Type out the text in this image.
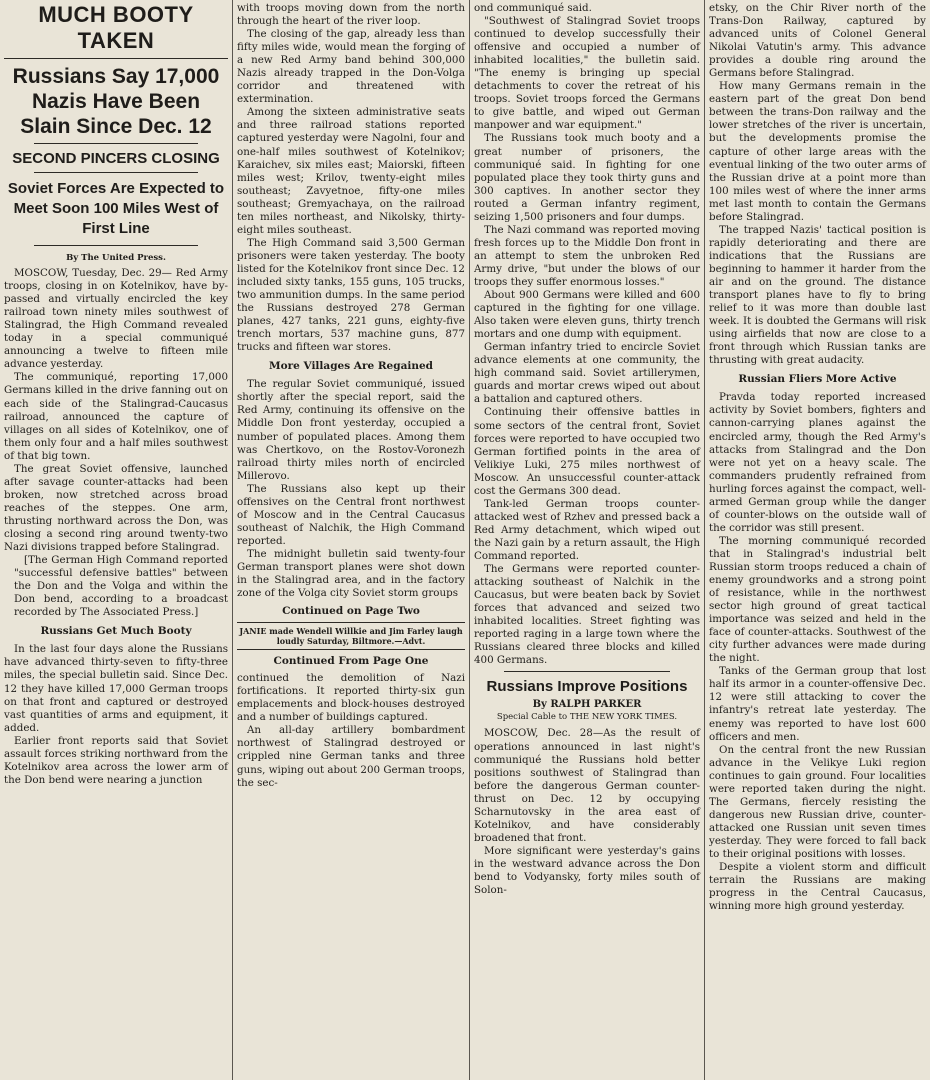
MUCH BOOTY TAKEN
Russians Say 17,000 Nazis Have Been Slain Since Dec. 12
SECOND PINCERS CLOSING
Soviet Forces Are Expected to Meet Soon 100 Miles West of First Line
By The United Press.

MOSCOW, Tuesday, Dec. 29— Red Army troops, closing in on Kotelnikov, have by-passed and virtually encircled the key railroad town ninety miles southwest of Stalingrad, the High Command revealed today in a special communiqué announcing a twelve to fifteen mile advance yesterday.

The communiqué, reporting 17,000 Germans killed in the drive fanning out on each side of the Stalingrad-Caucasus railroad, announced the capture of villages on all sides of Kotelnikov, one of them only four and a half miles southwest of that big town.

The great Soviet offensive, launched after savage counter-attacks had been broken, now stretched across broad reaches of the steppes. One arm, thrusting northward across the Don, was closing a second ring around twenty-two Nazi divisions trapped before Stalingrad.

[The German High Command reported "successful defensive battles" between the Don and the Volga and within the Don bend, according to a broadcast recorded by The Associated Press.]

Russians Get Much Booty

In the last four days alone the Russians have advanced thirty-seven to fifty-three miles, the special bulletin said. Since Dec. 12 they have killed 17,000 German troops on that front and captured or destroyed vast quantities of arms and equipment, it added.

Earlier front reports said that Soviet assault forces striking northward from the Kotelnikov area across the lower arm of the Don bend were nearing a junction

with troops moving down from the north through the heart of the river loop.

The closing of the gap, already less than fifty miles wide, would mean the forging of a new Red Army band behind 300,000 Nazis already trapped in the Don-Volga corridor and threatened with extermination.

Among the sixteen administrative seats and three railroad stations reported captured yesterday were Nagolni, four and one-half miles southwest of Kotelnikov; Karaichev, six miles east; Maiorski, fifteen miles west; Krilov, twenty-eight miles southeast; Zavyetnoe, fifty-one miles southeast; Gremyachaya, on the railroad ten miles northeast, and Nikolsky, thirty-eight miles southeast.

The High Command said 3,500 German prisoners were taken yesterday. The booty listed for the Kotelnikov front since Dec. 12 included sixty tanks, 155 guns, 105 trucks, two ammunition dumps. In the same period the Russians destroyed 278 German planes, 427 tanks, 221 guns, eighty-five trench mortars, 537 machine guns, 877 trucks and fifteen war stores.

More Villages Are Regained

The regular Soviet communiqué, issued shortly after the special report, said the Red Army, continuing its offensive on the Middle Don front yesterday, occupied a number of populated places. Among them was Chertkovo, on the Rostov-Voronezh railroad thirty miles north of encircled Millerovo.

The Russians also kept up their offensives on the Central front northwest of Moscow and in the Central Caucasus southeast of Nalchik, the High Command reported.

The midnight bulletin said twenty-four German transport planes were shot down in the Stalingrad area, and in the factory zone of the Volga city Soviet storm groups

Continued on Page Two
JANIE made Wendell Willkie and Jim Farley laugh loudly Saturday, Biltmore.—Advt.
Continued From Page One

continued the demolition of Nazi fortifications. It reported thirty-six gun emplacements and block-houses destroyed and a number of buildings captured.

An all-day artillery bombardment northwest of Stalingrad destroyed or crippled nine German tanks and three guns, wiping out about 200 German troops, the sec-

ond communiqué said.

"Southwest of Stalingrad Soviet troops continued to develop successfully their offensive and occupied a number of inhabited localities," the bulletin said. "The enemy is bringing up special detachments to cover the retreat of his troops. Soviet troops forced the Germans to give battle, and wiped out German manpower and war equipment."

The Russians took much booty and a great number of prisoners, the communiqué said. In fighting for one populated place they took thirty guns and 300 captives. In another sector they routed a German infantry regiment, seizing 1,500 prisoners and four dumps.

The Nazi command was reported moving fresh forces up to the Middle Don front in an attempt to stem the unbroken Red Army drive, "but under the blows of our troops they suffer enormous losses."

About 900 Germans were killed and 600 captured in the fighting for one village. Also taken were eleven guns, thirty trench mortars and one dump with equipment.

German infantry tried to encircle Soviet advance elements at one community, the high command said. Soviet artillerymen, guards and mortar crews wiped out about a battalion and captured others.

Continuing their offensive battles in some sectors of the central front, Soviet forces were reported to have occupied two German fortified points in the area of Velikiye Luki, 275 miles northwest of Moscow. An unsuccessful counter-attack cost the Germans 300 dead.

Tank-led German troops counter-attacked west of Rzhev and pressed back a Red Army detachment, which wiped out the Nazi gain by a return assault, the High Command reported.

The Germans were reported counter-attacking southeast of Nalchik in the Caucasus, but were beaten back by Soviet forces that advanced and seized two inhabited localities. Street fighting was reported raging in a large town where the Russians cleared three blocks and killed 400 Germans.

Russians Improve Positions
By RALPH PARKER
Special Cable to THE NEW YORK TIMES.

MOSCOW, Dec. 28—As the result of operations announced in last night's communiqué the Russians hold better positions southwest of Stalingrad than before the dangerous German counter-thrust on Dec. 12 by occupying Scharnutovsky in the area east of Kotelnikov, and have considerably broadened that front.

More significant were yesterday's gains in the westward advance across the Don bend to Vodyansky, forty miles south of Solon-

etsky, on the Chir River north of the Trans-Don Railway, captured by advanced units of Colonel General Nikolai Vatutin's army. This advance provides a double ring around the Germans before Stalingrad.

How many Germans remain in the eastern part of the great Don bend between the trans-Don railway and the lower stretches of the river is uncertain, but the developments promise the capture of other large areas with the eventual linking of the two outer arms of the Russian drive at a point more than 100 miles west of where the inner arms met last month to contain the Germans before Stalingrad.

The trapped Nazis' tactical position is rapidly deteriorating and there are indications that the Russians are beginning to hammer it harder from the air and on the ground. The distance transport planes have to fly to bring relief to it was more than double last week. It is doubted the Germans will risk using airfields that now are close to a front through which Russian tanks are thrusting with great audacity.

Russian Fliers More Active

Pravda today reported increased activity by Soviet bombers, fighters and cannon-carrying planes against the encircled army, though the Red Army's attacks from Stalingrad and the Don were not yet on a heavy scale. The commanders prudently refrained from hurling forces against the compact, well-armed German group while the danger of counter-blows on the outside wall of the corridor was still present.

The morning communiqué recorded that in Stalingrad's industrial belt Russian storm troops reduced a chain of enemy groundworks and a strong point of resistance, while in the northwest sector high ground of great tactical importance was seized and held in the face of counter-attacks. Southwest of the city further advances were made during the night.

Tanks of the German group that lost half its armor in a counter-offensive Dec. 12 were still attacking to cover the infantry's retreat late yesterday. The enemy was reported to have lost 600 officers and men.

On the central front the new Russian advance in the Velikye Luki region continues to gain ground. Four localities were reported taken during the night. The Germans, fiercely resisting the dangerous new Russian drive, counter-attacked one Russian unit seven times yesterday. They were forced to fall back to their original positions with losses.

Despite a violent storm and difficult terrain the Russians are making progress in the Central Caucasus, winning more high ground yesterday.
